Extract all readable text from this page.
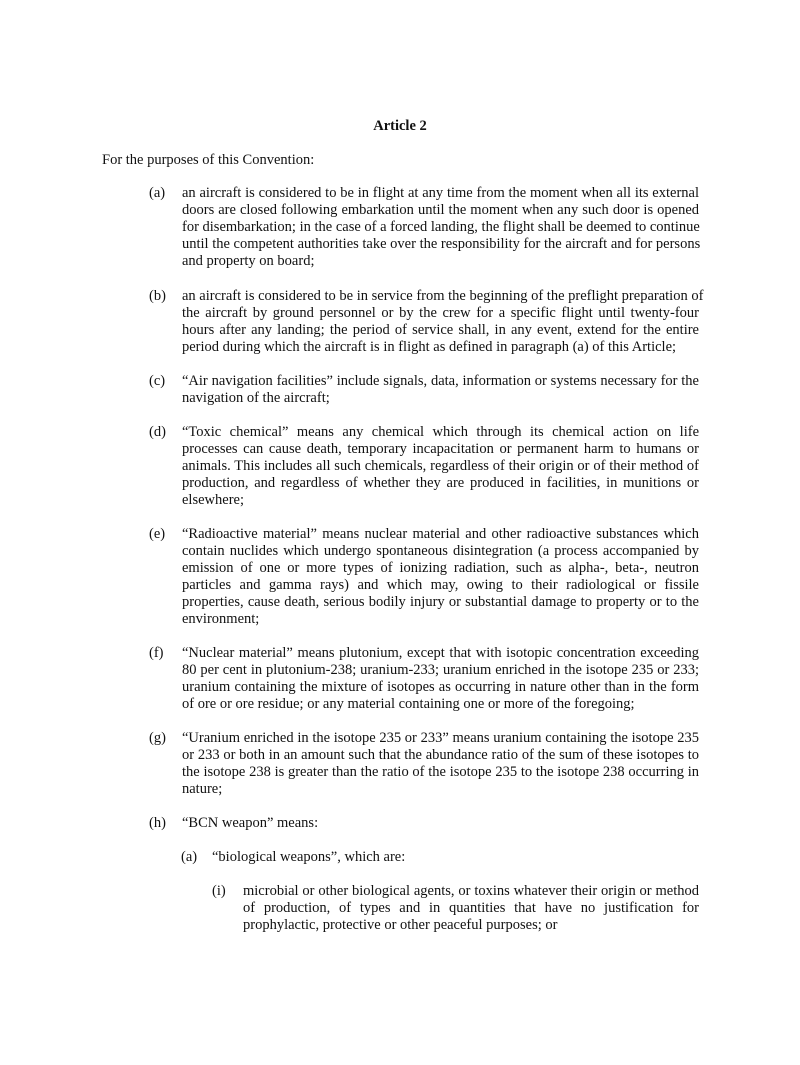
Article 2
For the purposes of this Convention:
(a) an aircraft is considered to be in flight at any time from the moment when all its external
doors are closed following embarkation until the moment when any such door is opened
for disembarkation; in the case of a forced landing, the flight shall be deemed to continue
until the competent authorities take over the responsibility for the aircraft and for persons
and property on board;
(b) an aircraft is considered to be in service from the beginning of the preflight preparation of
the aircraft by ground personnel or by the crew for a specific flight until twenty-four
hours after any landing; the period of service shall, in any event, extend for the entire
period during which the aircraft is in flight as defined in paragraph (a) of this Article;
(c) “Air navigation facilities” include signals, data, information or systems necessary for the
navigation of the aircraft;
(d) “Toxic chemical” means any chemical which through its chemical action on life
processes can cause death, temporary incapacitation or permanent harm to humans or
animals. This includes all such chemicals, regardless of their origin or of their method of
production, and regardless of whether they are produced in facilities, in munitions or
elsewhere;
(e) “Radioactive material” means nuclear material and other radioactive substances which
contain nuclides which undergo spontaneous disintegration (a process accompanied by
emission of one or more types of ionizing radiation, such as alpha-, beta-, neutron
particles and gamma rays) and which may, owing to their radiological or fissile
properties, cause death, serious bodily injury or substantial damage to property or to the
environment;
(f) “Nuclear material” means plutonium, except that with isotopic concentration exceeding
80 per cent in plutonium-238; uranium-233; uranium enriched in the isotope 235 or 233;
uranium containing the mixture of isotopes as occurring in nature other than in the form
of ore or ore residue; or any material containing one or more of the foregoing;
(g) “Uranium enriched in the isotope 235 or 233” means uranium containing the isotope 235
or 233 or both in an amount such that the abundance ratio of the sum of these isotopes to
the isotope 238 is greater than the ratio of the isotope 235 to the isotope 238 occurring in
nature;
(h) “BCN weapon” means:
(a) “biological weapons”, which are:
(i) microbial or other biological agents, or toxins whatever their origin or method
of production, of types and in quantities that have no justification for
prophylactic, protective or other peaceful purposes; or
